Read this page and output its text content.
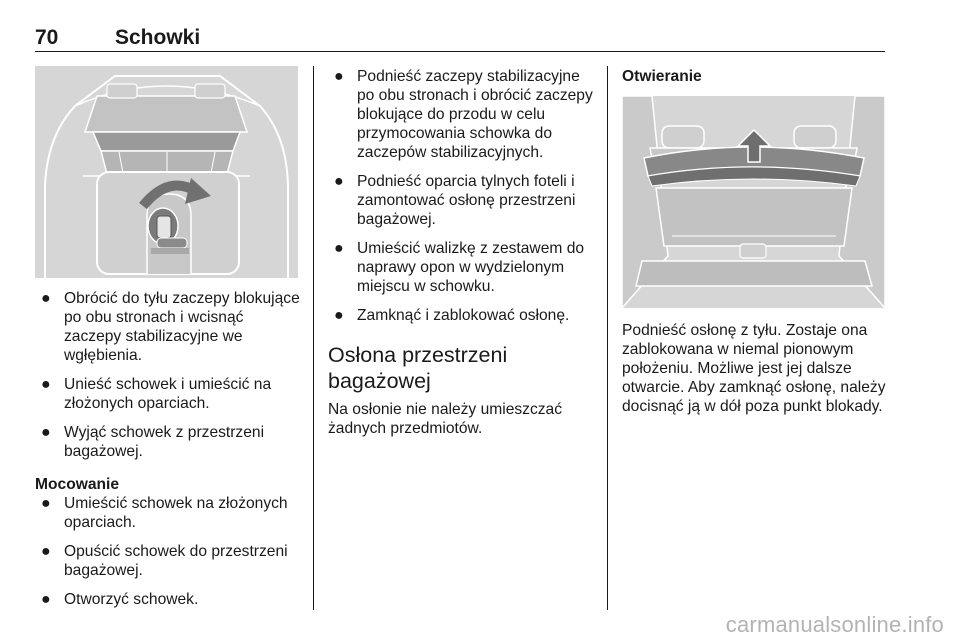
70	Schowki
● Obrócić do tyłu zaczepy blokujące po obu stronach i wcisnąć zaczepy stabilizacyjne we wgłębienia.
● Unieść schowek i umieścić na złożonych oparciach.
● Wyjąć schowek z przestrzeni bagażowej.
Mocowanie
● Umieścić schowek na złożonych oparciach.
● Opuścić schowek do przestrzeni bagażowej.
● Otworzyć schowek.
● Podnieść zaczepy stabilizacyjne po obu stronach i obrócić zaczepy blokujące do przodu w celu przymocowania schowka do zaczepów stabilizacyjnych.
● Podnieść oparcia tylnych foteli i zamontować osłonę przestrzeni bagażowej.
● Umieścić walizkę z zestawem do naprawy opon w wydzielonym miejscu w schowku.
● Zamknąć i zablokować osłonę.
Osłona przestrzeni bagażowej
Na osłonie nie należy umieszczać żadnych przedmiotów.
Otwieranie
Podnieść osłonę z tyłu. Zostaje ona zablokowana w niemal pionowym położeniu. Możliwe jest jej dalsze otwarcie. Aby zamknąć osłonę, należy docisnąć ją w dół poza punkt blokady.
carmanualsonline.info
